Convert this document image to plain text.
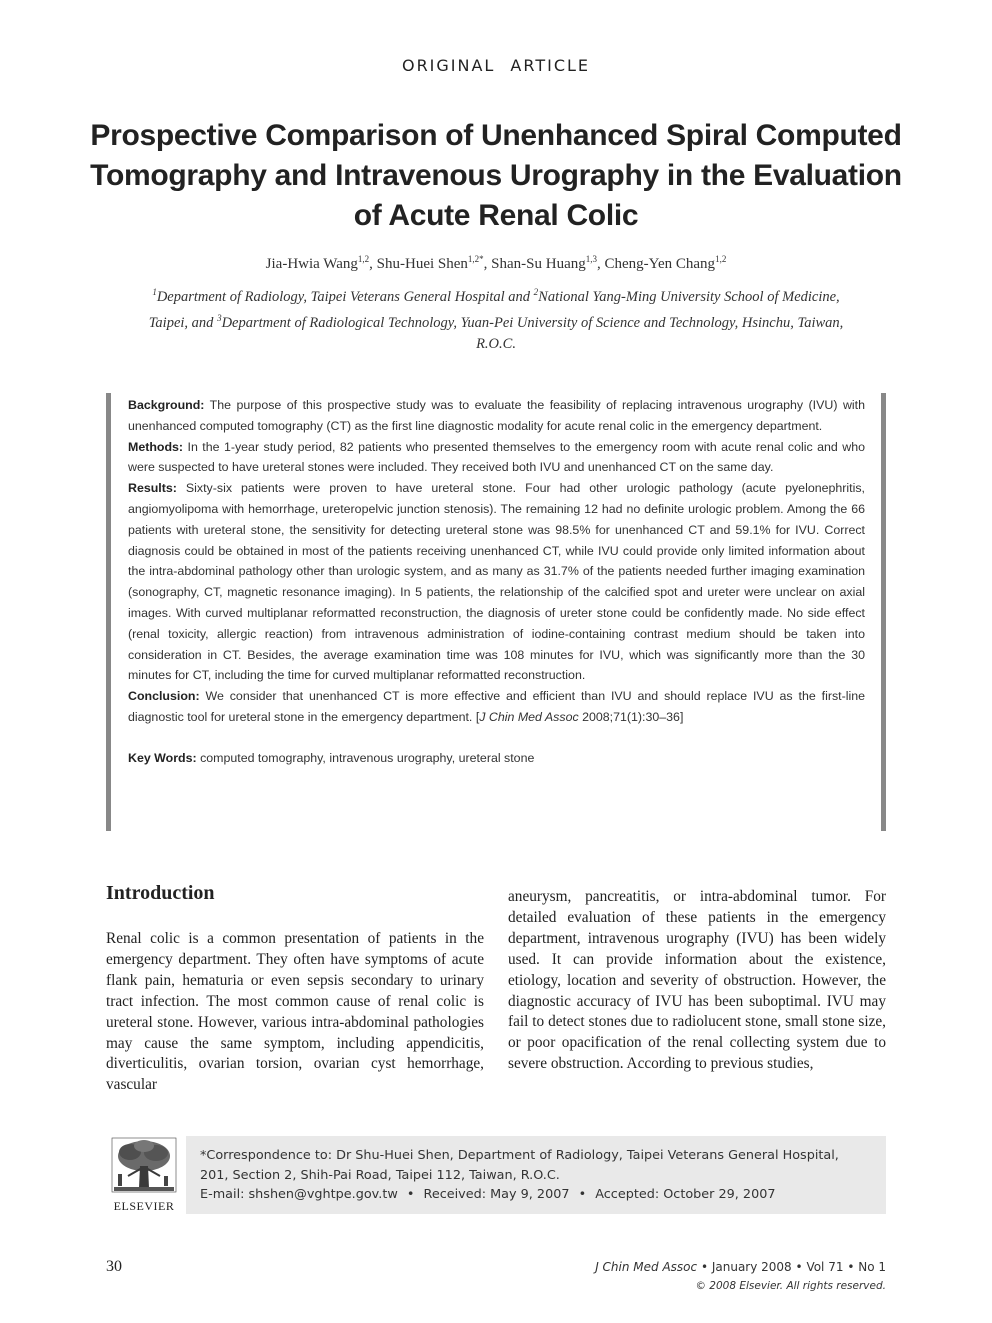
ORIGINAL ARTICLE
Prospective Comparison of Unenhanced Spiral Computed Tomography and Intravenous Urography in the Evaluation of Acute Renal Colic
Jia-Hwia Wang$^{1,2}$, Shu-Huei Shen$^{1,2*}$, Shan-Su Huang$^{1,3}$, Cheng-Yen Chang$^{1,2}$
$^1$Department of Radiology, Taipei Veterans General Hospital and $^2$National Yang-Ming University School of Medicine, Taipei, and $^3$Department of Radiological Technology, Yuan-Pei University of Science and Technology, Hsinchu, Taiwan, R.O.C.

Background: The purpose of this prospective study was to evaluate the feasibility of replacing intravenous urography (IVU) with unenhanced computed tomography (CT) as the first line diagnostic modality for acute renal colic in the emergency department.

Methods: In the 1-year study period, 82 patients who presented themselves to the emergency room with acute renal colic and who were suspected to have ureteral stones were included. They received both IVU and unenhanced CT on the same day.

Results: Sixty-six patients were proven to have ureteral stone. Four had other urologic pathology (acute pyelonephritis, angiomyolipoma with hemorrhage, ureteropelvic junction stenosis). The remaining 12 had no definite urologic problem. Among the 66 patients with ureteral stone, the sensitivity for detecting ureteral stone was 98.5% for unenhanced CT and 59.1% for IVU. Correct diagnosis could be obtained in most of the patients receiving unenhanced CT, while IVU could provide only limited information about the intra-abdominal pathology other than urologic system, and as many as 31.7% of the patients needed further imaging examination (sonography, CT, magnetic resonance imaging). In 5 patients, the relationship of the calcified spot and ureter were unclear on axial images. With curved multiplanar reformatted reconstruction, the diagnosis of ureter stone could be confidently made. No side effect (renal toxicity, allergic reaction) from intravenous administration of iodine-containing contrast medium should be taken into consideration in CT. Besides, the average examination time was 108 minutes for IVU, which was significantly more than the 30 minutes for CT, including the time for curved multiplanar reformatted reconstruction.

Conclusion: We consider that unenhanced CT is more effective and efficient than IVU and should replace IVU as the first-line diagnostic tool for ureteral stone in the emergency department. [J Chin Med Assoc 2008;71(1):30–36]

Key Words: computed tomography, intravenous urography, ureteral stone

Introduction

Renal colic is a common presentation of patients in the emergency department. They often have symptoms of acute flank pain, hematuria or even sepsis secondary to urinary tract infection. The most common cause of renal colic is ureteral stone. However, various intra-abdominal pathologies may cause the same symptom, including appendicitis, diverticulitis, ovarian torsion, ovarian cyst hemorrhage, vascular

aneurysm, pancreatitis, or intra-abdominal tumor. For detailed evaluation of these patients in the emergency department, intravenous urography (IVU) has been widely used. It can provide information about the existence, etiology, location and severity of obstruction. However, the diagnostic accuracy of IVU has been suboptimal. IVU may fail to detect stones due to radiolucent stone, small stone size, or poor opacification of the renal collecting system due to severe obstruction. According to previous studies,

ELSEVIER
*Correspondence to: Dr Shu-Huei Shen, Department of Radiology, Taipei Veterans General Hospital,
201, Section 2, Shih-Pai Road, Taipei 112, Taiwan, R.O.C.
E-mail: shshen@vghtpe.gov.tw • Received: May 9, 2007 • Accepted: October 29, 2007
30	J Chin Med Assoc • January 2008 • Vol 71 • No 1
© 2008 Elsevier. All rights reserved.
